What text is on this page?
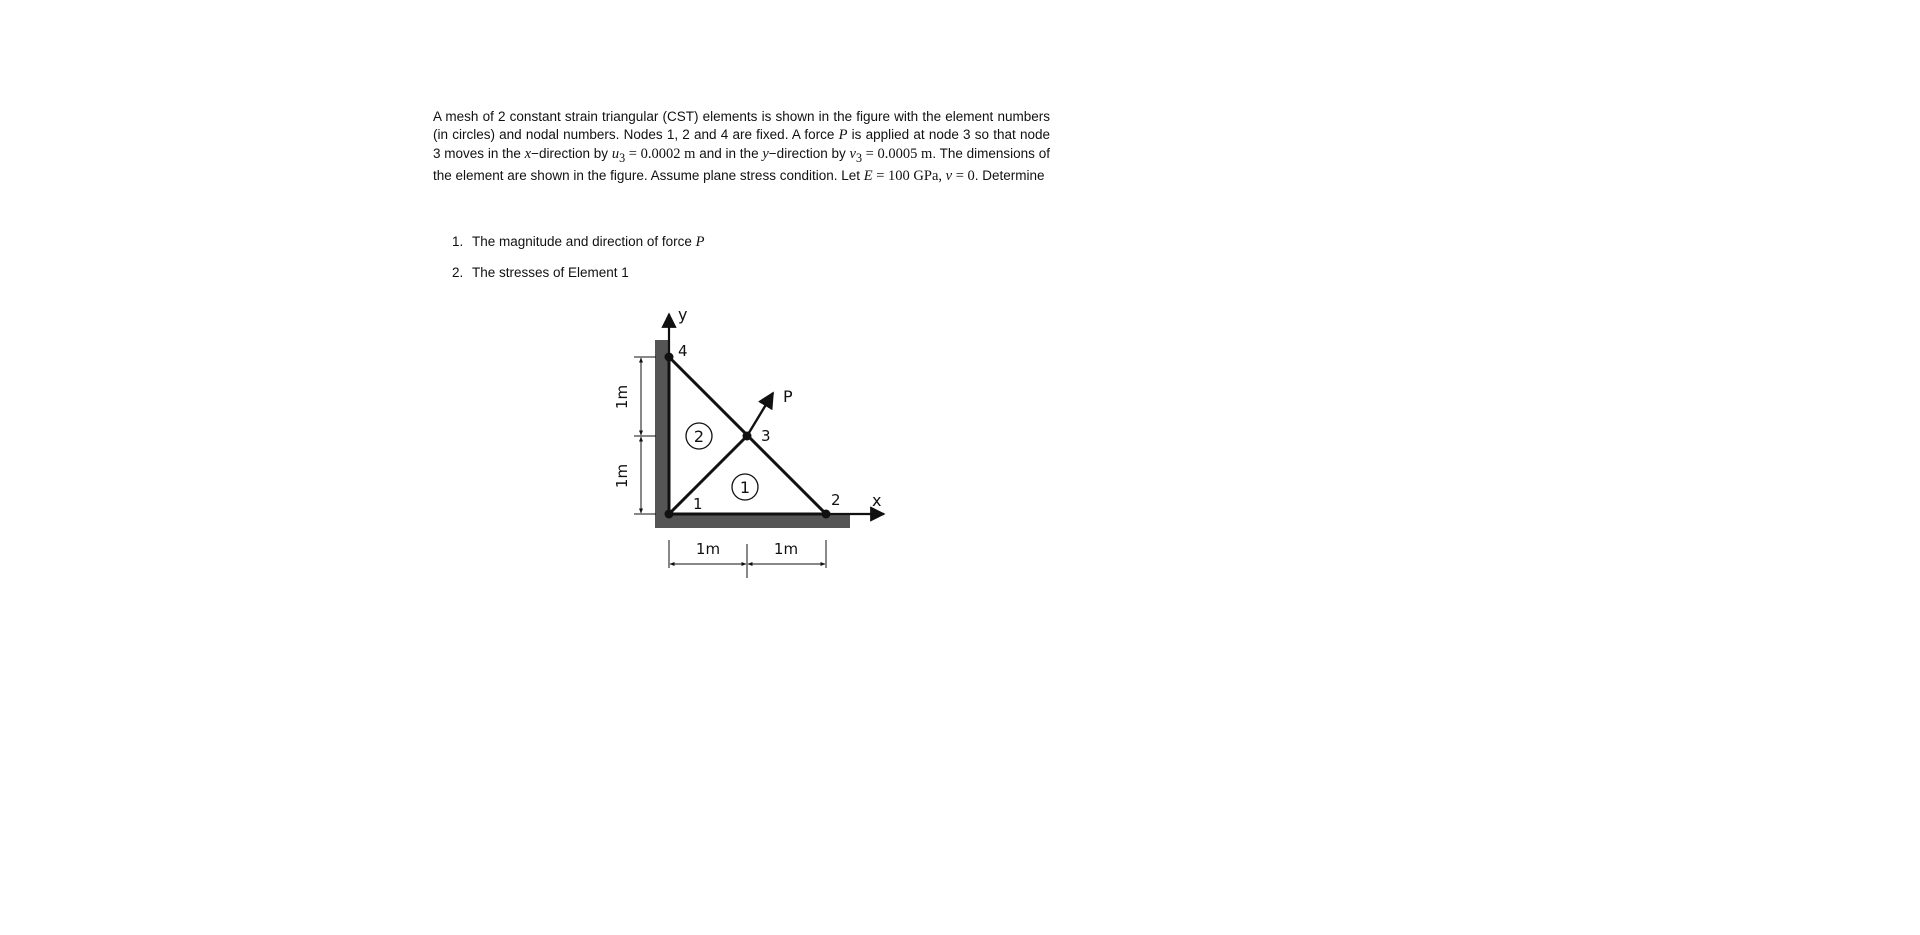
A mesh of 2 constant strain triangular (CST) elements is shown in the figure with the element numbers (in circles) and nodal numbers. Nodes 1, 2 and 4 are fixed. A force P is applied at node 3 so that node 3 moves in the x−direction by $u_3 = 0.0002$ m and in the y−direction by $v_3 = 0.0005$ m. The dimensions of the element are shown in the figure. Assume plane stress condition. Let E = 100 GPa, ν = 0. Determine

1. The magnitude and direction of force P
2. The stresses of Element 1
y
x
P
1	2
3
4
1
2
1m
1m
1m	1m
